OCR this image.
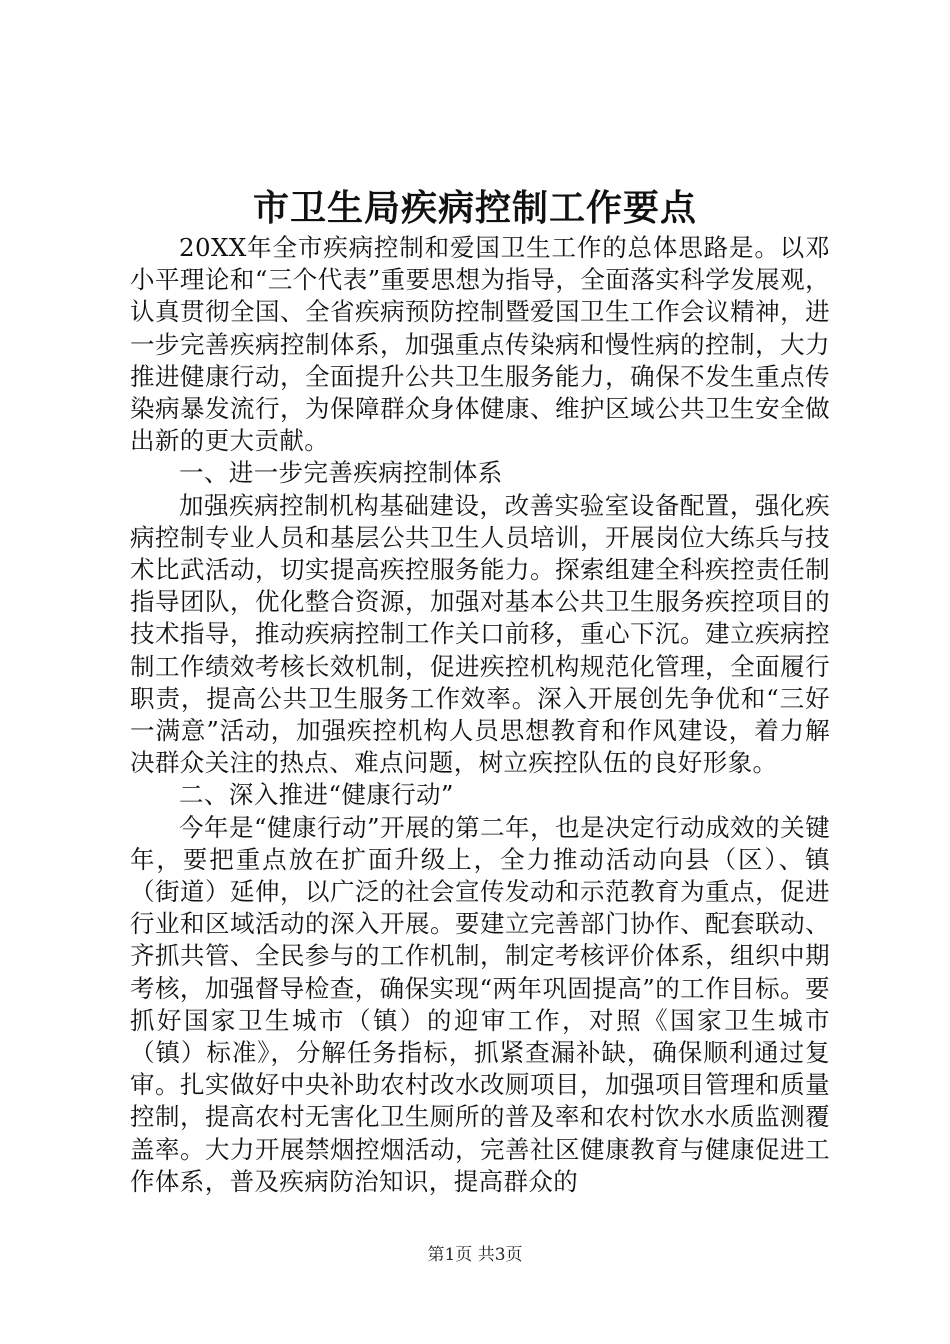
市卫生局疾病控制工作要点

20XX年全市疾病控制和爱国卫生工作的总体思路是。以邓小平理论和“三个代表”重要思想为指导，全面落实科学发展观，认真贯彻全国、全省疾病预防控制暨爱国卫生工作会议精神，进一步完善疾病控制体系，加强重点传染病和慢性病的控制，大力推进健康行动，全面提升公共卫生服务能力，确保不发生重点传染病暴发流行，为保障群众身体健康、维护区域公共卫生安全做出新的更大贡献。

一、进一步完善疾病控制体系

加强疾病控制机构基础建设，改善实验室设备配置，强化疾病控制专业人员和基层公共卫生人员培训，开展岗位大练兵与技术比武活动，切实提高疾控服务能力。探索组建全科疾控责任制指导团队，优化整合资源，加强对基本公共卫生服务疾控项目的技术指导，推动疾病控制工作关口前移，重心下沉。建立疾病控制工作绩效考核长效机制，促进疾控机构规范化管理，全面履行职责，提高公共卫生服务工作效率。深入开展创先争优和“三好一满意”活动，加强疾控机构人员思想教育和作风建设，着力解决群众关注的热点、难点问题，树立疾控队伍的良好形象。

二、深入推进“健康行动”

今年是“健康行动”开展的第二年，也是决定行动成效的关键年，要把重点放在扩面升级上，全力推动活动向县（区）、镇（街道）延伸，以广泛的社会宣传发动和示范教育为重点，促进行业和区域活动的深入开展。要建立完善部门协作、配套联动、齐抓共管、全民参与的工作机制，制定考核评价体系，组织中期考核，加强督导检查，确保实现“两年巩固提高”的工作目标。要抓好国家卫生城市（镇）的迎审工作，对照《国家卫生城市（镇）标准》，分解任务指标，抓紧查漏补缺，确保顺利通过复审。扎实做好中央补助农村改水改厕项目，加强项目管理和质量控制，提高农村无害化卫生厕所的普及率和农村饮水水质监测覆盖率。大力开展禁烟控烟活动，完善社区健康教育与健康促进工作体系，普及疾病防治知识，提高群众的

第1页 共3页
